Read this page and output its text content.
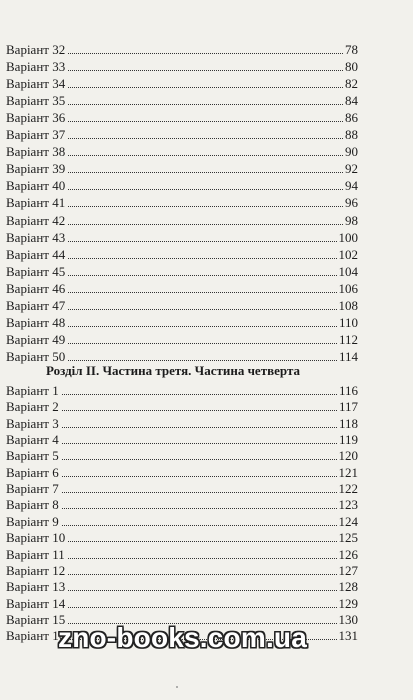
Варіант 32	78
Варіант 33	80
Варіант 34	82
Варіант 35	84
Варіант 36	86
Варіант 37	88
Варіант 38	90
Варіант 39	92
Варіант 40	94
Варіант 41	96
Варіант 42	98
Варіант 43	100
Варіант 44	102
Варіант 45	104
Варіант 46	106
Варіант 47	108
Варіант 48	110
Варіант 49	112
Варіант 50	114
Розділ ІІ. Частина третя. Частина четверта
Варіант 1	116
Варіант 2	117
Варіант 3	118
Варіант 4	119
Варіант 5	120
Варіант 6	121
Варіант 7	122
Варіант 8	123
Варіант 9	124
Варіант 10	125
Варіант 11	126
Варіант 12	127
Варіант 13	128
Варіант 14	129
Варіант 15	130
Варіант 16	131
zno-books.com.ua
